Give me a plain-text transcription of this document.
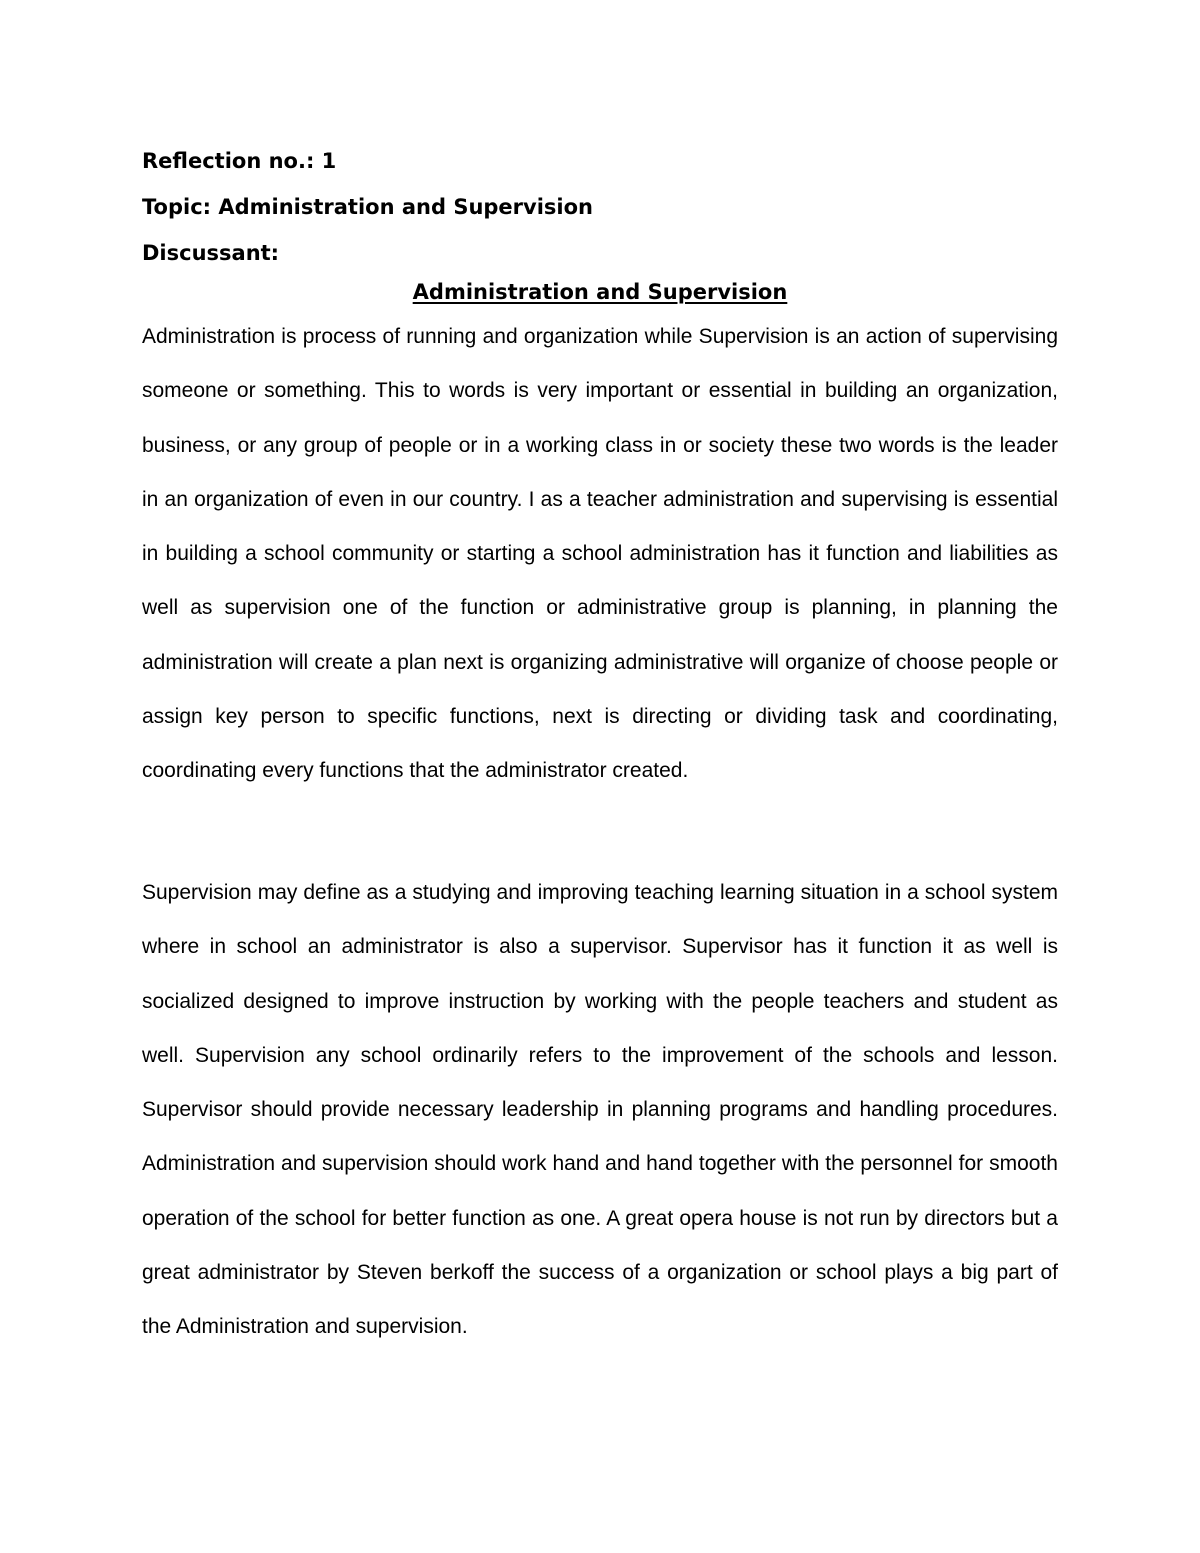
Reflection no.: 1
Topic: Administration and Supervision
Discussant:
Administration and Supervision

Administration is process of running and organization while Supervision is an action of supervising someone or something. This to words is very important or essential in building an organization, business, or any group of people or in a working class in or society these two words is the leader in an organization of even in our country. I as a teacher administration and supervising is essential in building a school community or starting a school administration has it function and liabilities as well as supervision one of the function or administrative group is planning, in planning the administration will create a plan next is organizing administrative will organize of choose people or assign key person to specific functions, next is directing or dividing task and coordinating, coordinating every functions that the administrator created.

Supervision may define as a studying and improving teaching learning situation in a school system where in school an administrator is also a supervisor. Supervisor has it function it as well is socialized designed to improve instruction by working with the people teachers and student as well. Supervision any school ordinarily refers to the improvement of the schools and lesson. Supervisor should provide necessary leadership in planning programs and handling procedures. Administration and supervision should work hand and hand together with the personnel for smooth operation of the school for better function as one. A great opera house is not run by directors but a great administrator by Steven berkoff the success of a organization or school plays a big part of the Administration and supervision.
